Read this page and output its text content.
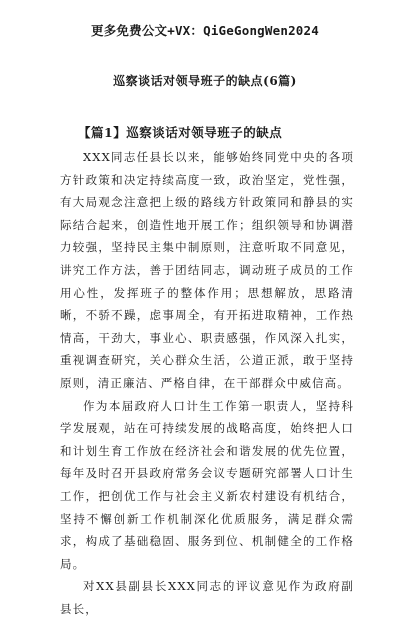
更多免费公文+VX：QiGeGongWen2024
巡察谈话对领导班子的缺点(6篇)
【篇1】巡察谈话对领导班子的缺点

XXX同志任县长以来，能够始终同党中央的各项方针政策和决定持续高度一致，政治坚定，党性强，有大局观念注意把上级的路线方针政策同和静县的实际结合起来，创造性地开展工作；组织领导和协调潜力较强，坚持民主集中制原则，注意听取不同意见，讲究工作方法，善于团结同志，调动班子成员的工作用心性，发挥班子的整体作用；思想解放，思路清晰，不骄不躁，虑事周全，有开拓进取精神，工作热情高，干劲大，事业心、职责感强，作风深入扎实，重视调查研究，关心群众生活，公道正派，敢于坚持原则，清正廉洁、严格自律，在干部群众中威信高。

作为本届政府人口计生工作第一职责人，坚持科学发展观，站在可持续发展的战略高度，始终把人口和计划生育工作放在经济社会和谐发展的优先位置，每年及时召开县政府常务会议专题研究部署人口计生工作，把创优工作与社会主义新农村建设有机结合，坚持不懈创新工作机制深化优质服务，满足群众需求，构成了基础稳固、服务到位、机制健全的工作格局。

对XX县副县长XXX同志的评议意见作为政府副县长，
